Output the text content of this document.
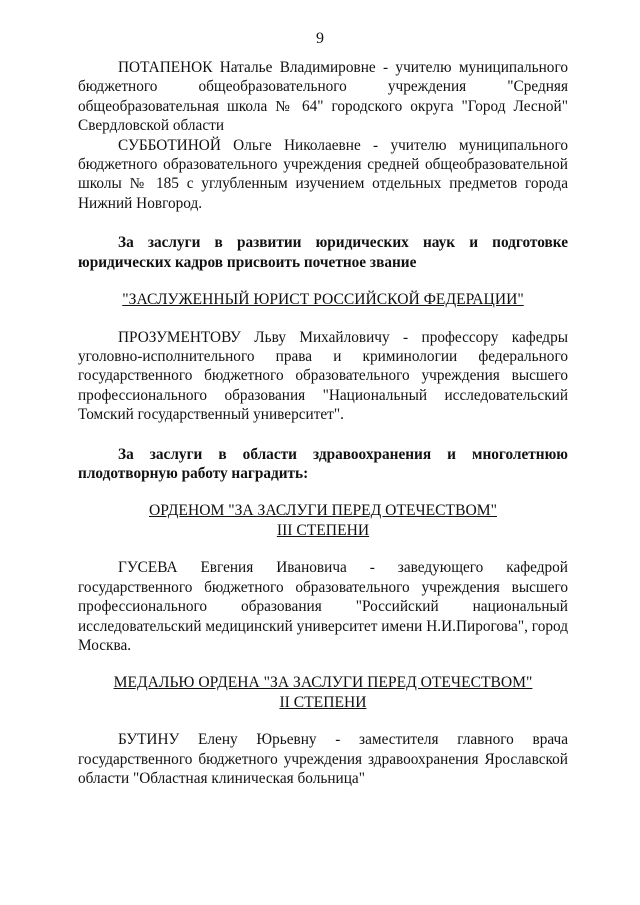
9

ПОТАПЕНОК Наталье Владимировне - учителю муниципального бюджетного общеобразовательного учреждения "Средняя общеобразовательная школа № 64" городского округа "Город Лесной" Свердловской области

СУББОТИНОЙ Ольге Николаевне - учителю муниципального бюджетного образовательного учреждения средней общеобразовательной школы № 185 с углубленным изучением отдельных предметов города Нижний Новгород.

За заслуги в развитии юридических наук и подготовке юридических кадров присвоить почетное звание

"ЗАСЛУЖЕННЫЙ ЮРИСТ РОССИЙСКОЙ ФЕДЕРАЦИИ"

ПРОЗУМЕНТОВУ Льву Михайловичу - профессору кафедры уголовно-исполнительного права и криминологии федерального государственного бюджетного образовательного учреждения высшего профессионального образования "Национальный исследовательский Томский государственный университет".

За заслуги в области здравоохранения и многолетнюю плодотворную работу наградить:

ОРДЕНОМ "ЗА ЗАСЛУГИ ПЕРЕД ОТЕЧЕСТВОМ"
III СТЕПЕНИ

ГУСЕВА Евгения Ивановича - заведующего кафедрой государственного бюджетного образовательного учреждения высшего профессионального образования "Российский национальный исследовательский медицинский университет имени Н.И.Пирогова", город Москва.

МЕДАЛЬЮ ОРДЕНА "ЗА ЗАСЛУГИ ПЕРЕД ОТЕЧЕСТВОМ"
II СТЕПЕНИ

БУТИНУ Елену Юрьевну - заместителя главного врача государственного бюджетного учреждения здравоохранения Ярославской области "Областная клиническая больница"
